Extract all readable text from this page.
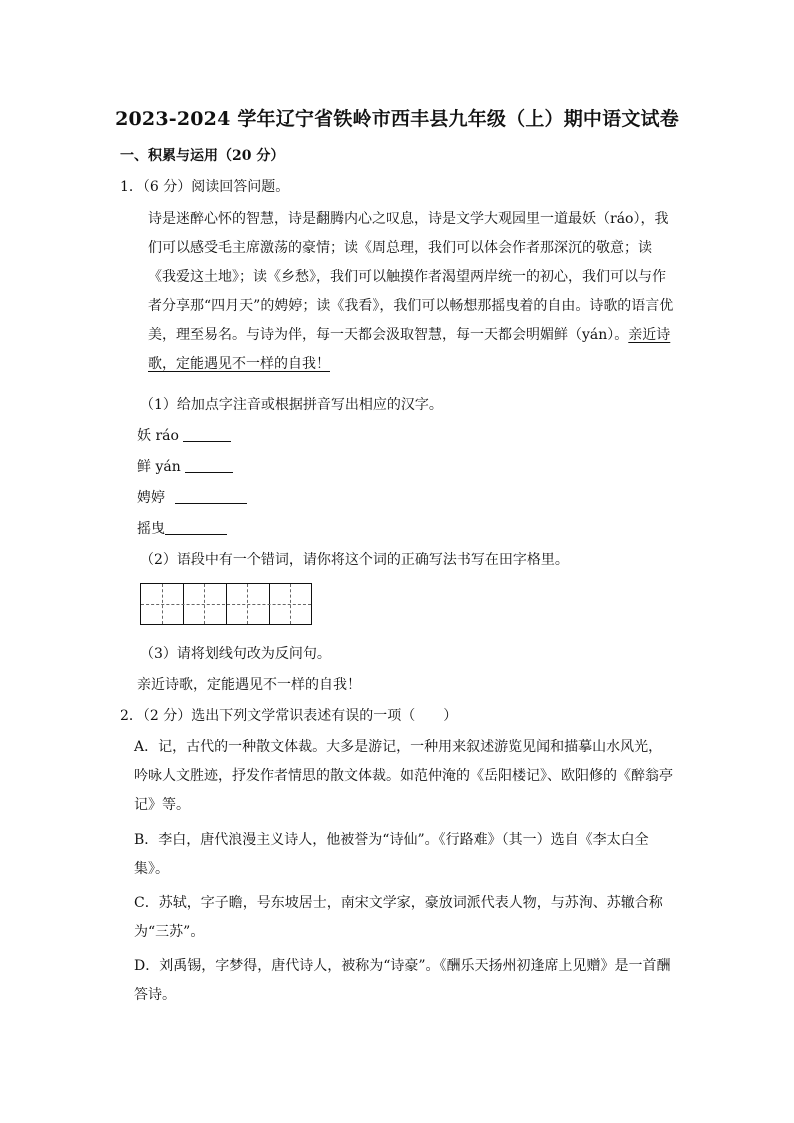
2023-2024 学年辽宁省铁岭市西丰县九年级（上）期中语文试卷
一、积累与运用（20 分）
1．（6 分）阅读回答问题。
诗是迷醉心怀的智慧，诗是翻腾内心之叹息，诗是文学大观园里一道最妖（ráo），我们可以感受毛主席激荡的豪情；读《周总理，我们可以体会作者那深沉的敬意；读《我爱这土地》；读《乡愁》，我们可以触摸作者渴望两岸统一的初心，我们可以与作者分享那“四月天”的娉婷；读《我看》，我们可以畅想那摇曳着的自由。诗歌的语言优美，理至易名。与诗为伴，每一天都会汲取智慧，每一天都会明媚鲜（yán）。亲近诗歌，定能遇见不一样的自我！
（1）给加点字注音或根据拼音写出相应的汉字。
妖 ráo
鲜 yán
娉婷
摇曳
（2）语段中有一个错词，请你将这个词的正确写法书写在田字格里。
（3）请将划线句改为反问句。
亲近诗歌，定能遇见不一样的自我！
2．（2 分）选出下列文学常识表述有误的一项（　　）
A．记，古代的一种散文体裁。大多是游记，一种用来叙述游览见闻和描摹山水风光，吟咏人文胜迹，抒发作者情思的散文体裁。如范仲淹的《岳阳楼记》、欧阳修的《醉翁亭记》等。
B．李白，唐代浪漫主义诗人，他被誉为“诗仙”。《行路难》（其一）选自《李太白全集》。
C．苏轼，字子瞻，号东坡居士，南宋文学家，豪放词派代表人物，与苏洵、苏辙合称为“三苏”。
D．刘禹锡，字梦得，唐代诗人，被称为“诗豪”。《酬乐天扬州初逢席上见赠》是一首酬答诗。
